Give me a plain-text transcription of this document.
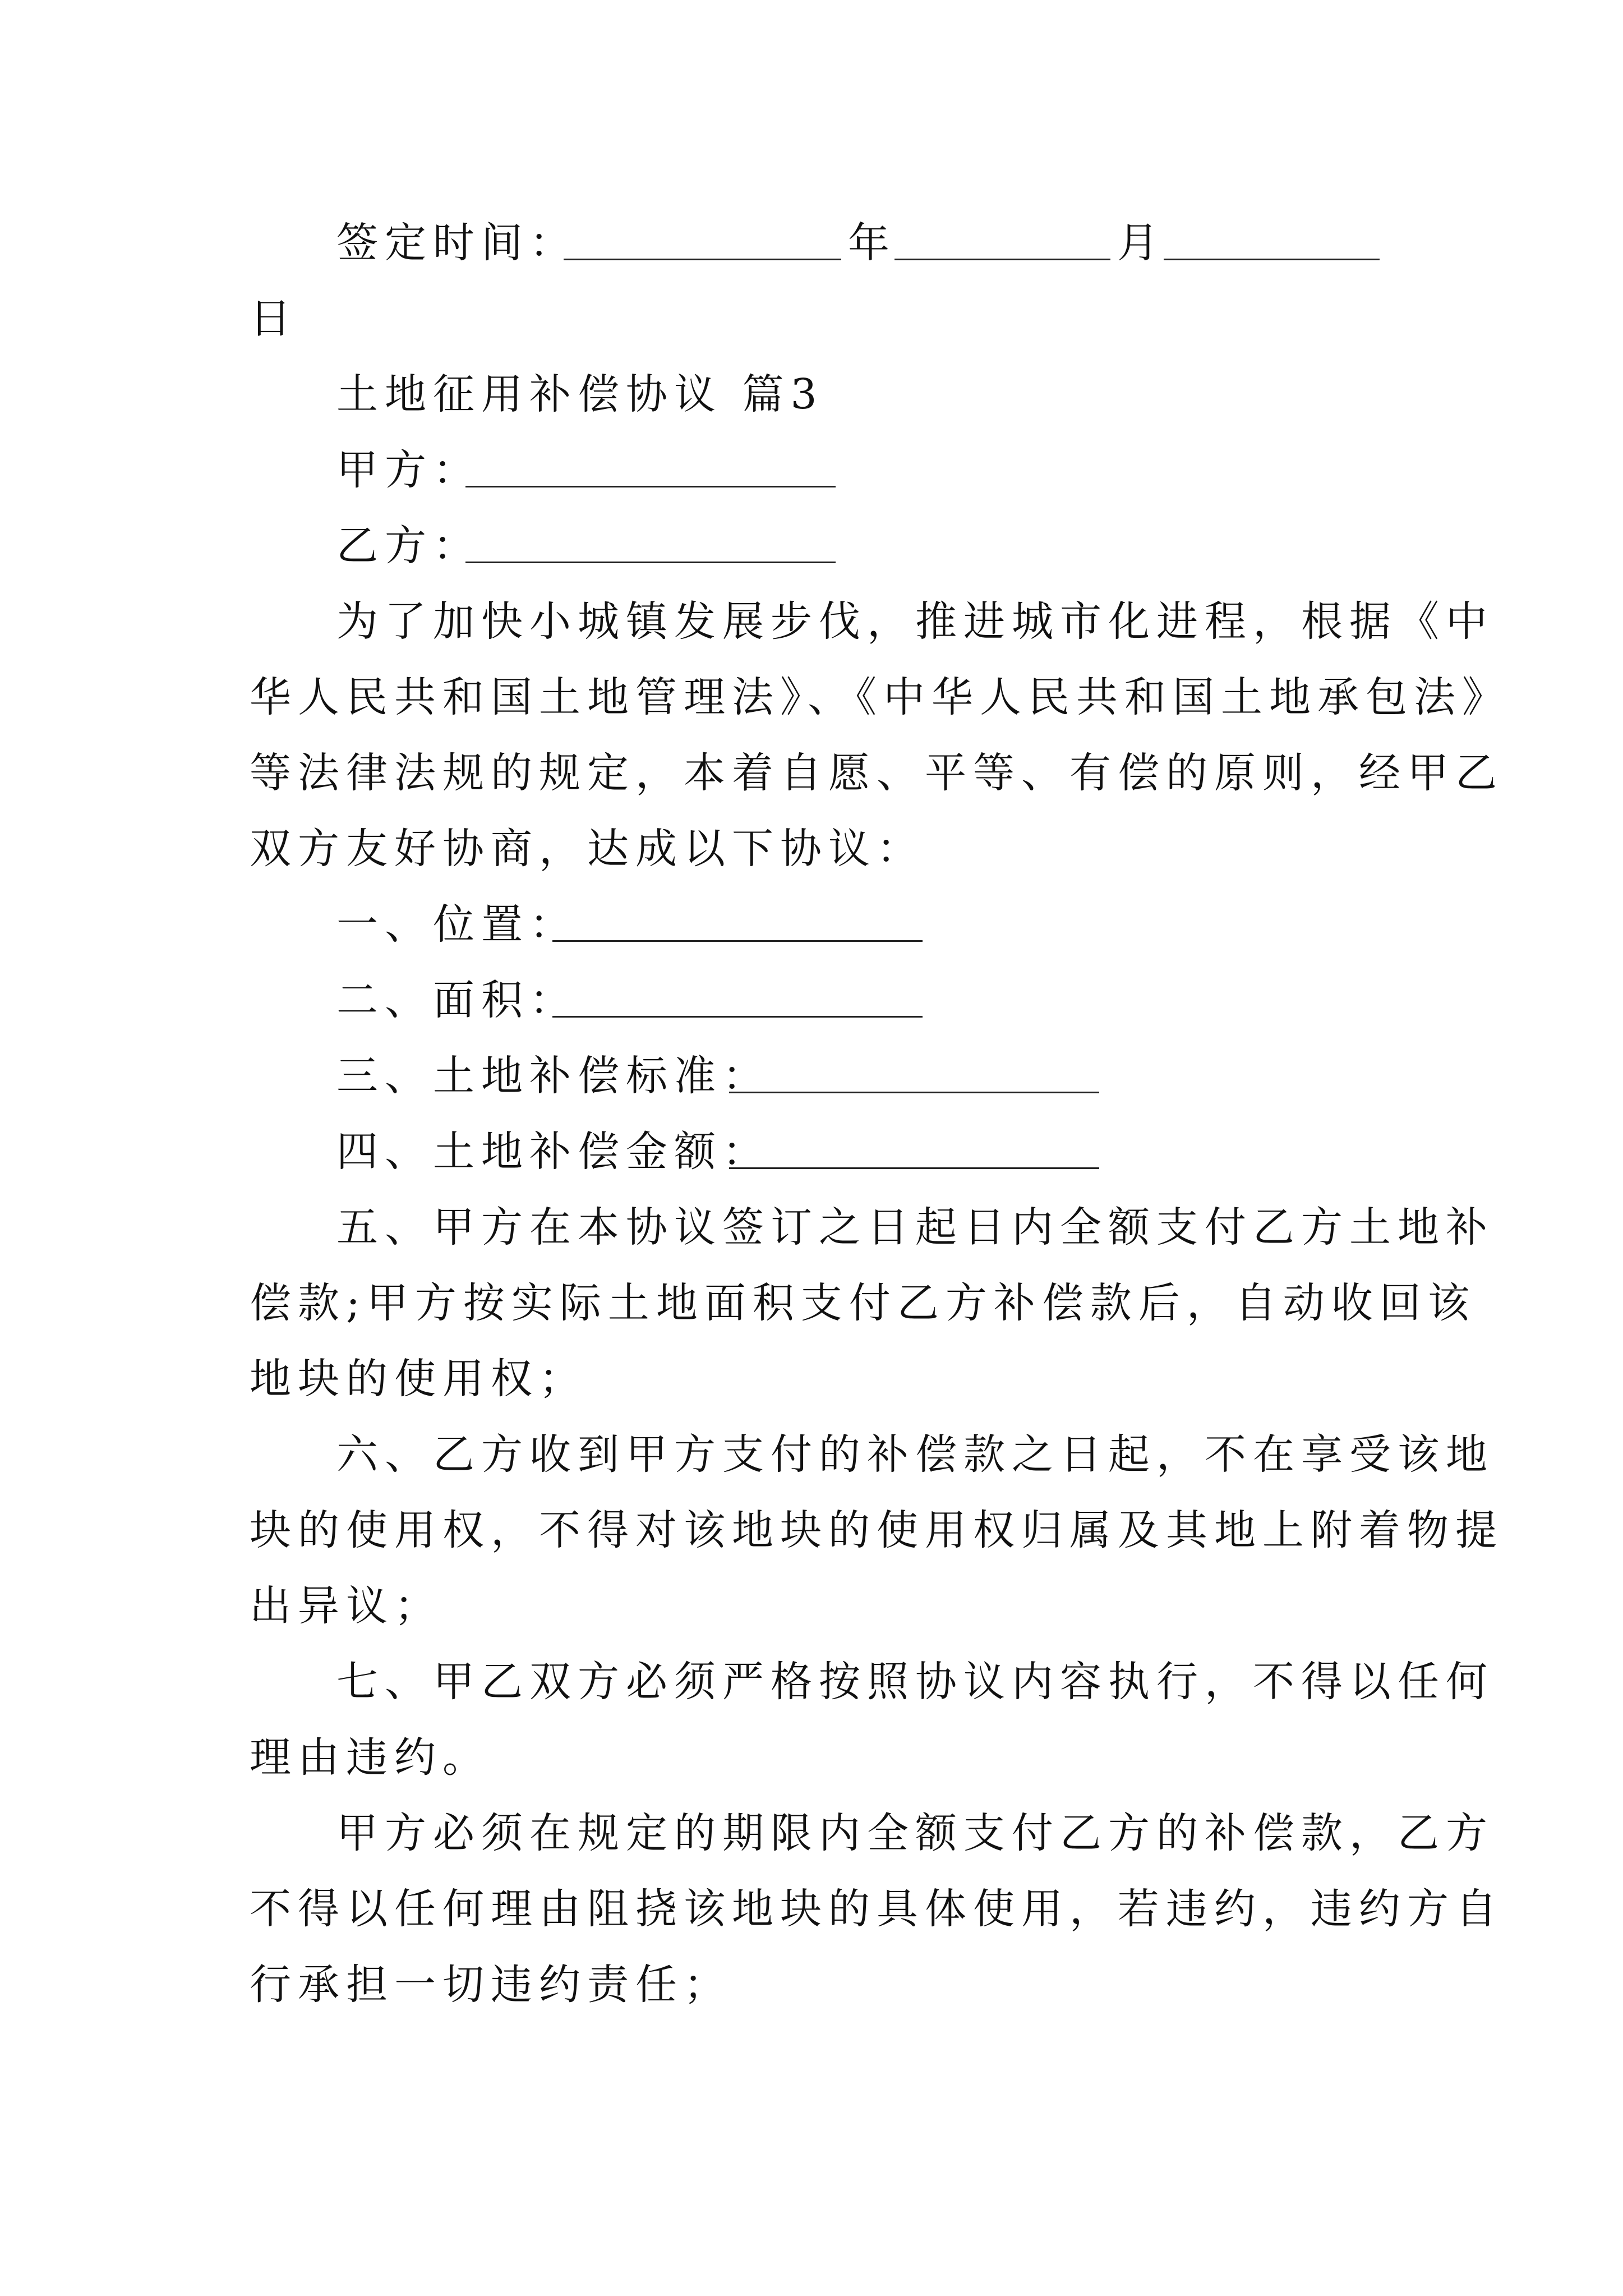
签定时间：	年	月
日
土地征用补偿协议 篇3
甲方：
乙方：
为了加快小城镇发展步伐，推进城市化进程，根据《中
华人民共和国土地管理法》、《中华人民共和国土地承包法》
等法律法规的规定，本着自愿、平等、有偿的原则，经甲乙
双方友好协商，达成以下协议：
一、位置：
二、面积：
三、土地补偿标准：
四、土地补偿金额：
五、甲方在本协议签订之日起日内全额支付乙方土地补
偿款;甲方按实际土地面积支付乙方补偿款后，自动收回该
地块的使用权；
六、乙方收到甲方支付的补偿款之日起，不在享受该地
块的使用权，不得对该地块的使用权归属及其地上附着物提
出异议；
七、甲乙双方必须严格按照协议内容执行，不得以任何
理由违约。
甲方必须在规定的期限内全额支付乙方的补偿款，乙方
不得以任何理由阻挠该地块的具体使用，若违约，违约方自
行承担一切违约责任；
